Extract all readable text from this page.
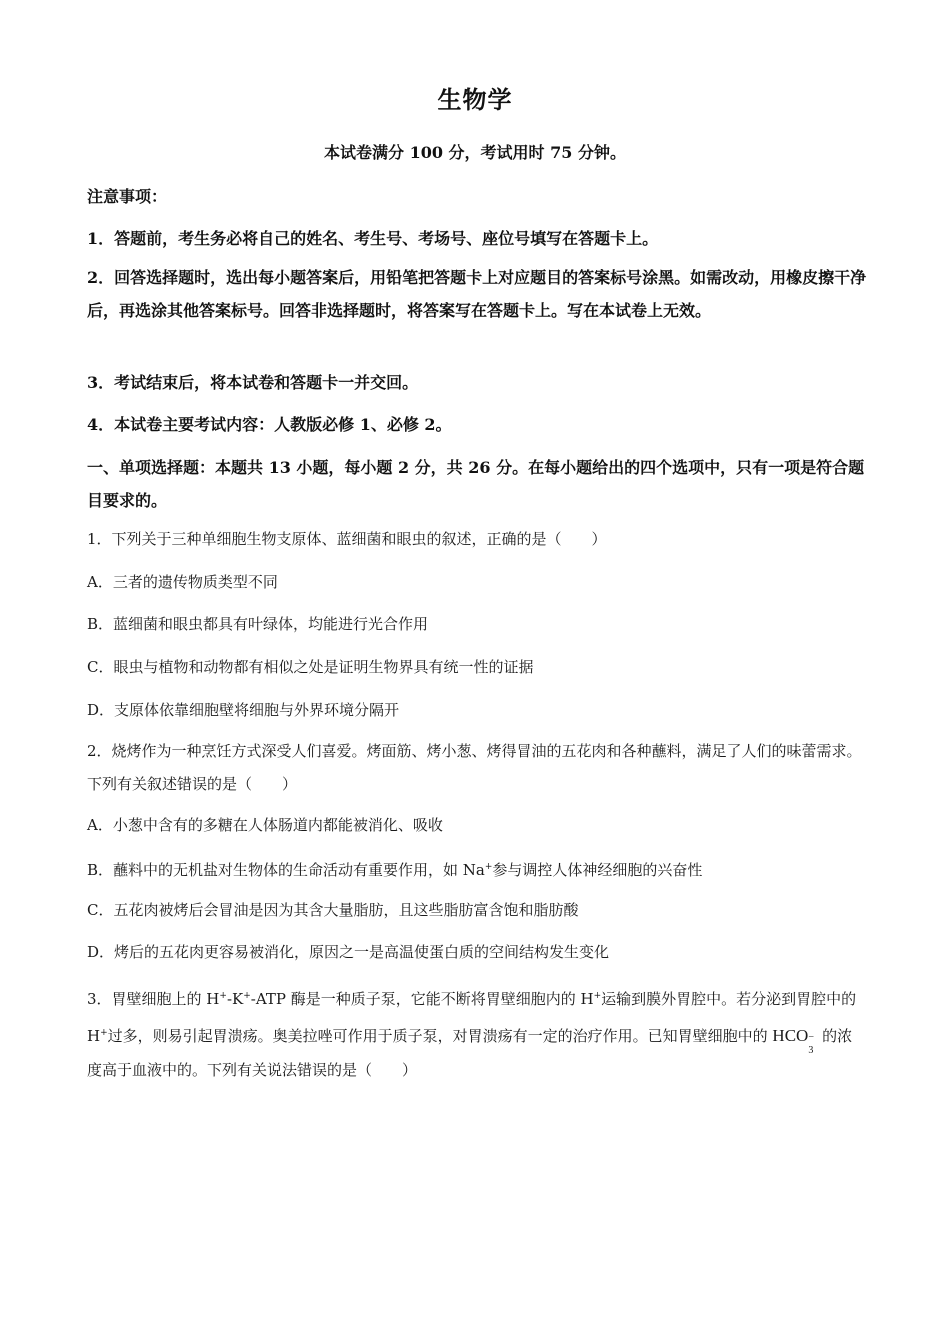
生物学
本试卷满分 100 分，考试用时 75 分钟。
注意事项：
1．答题前，考生务必将自己的姓名、考生号、考场号、座位号填写在答题卡上。
2．回答选择题时，选出每小题答案后，用铅笔把答题卡上对应题目的答案标号涂黑。如需改动，用橡皮擦干净后，再选涂其他答案标号。回答非选择题时，将答案写在答题卡上。写在本试卷上无效。
3．考试结束后，将本试卷和答题卡一并交回。
4．本试卷主要考试内容：人教版必修 1、必修 2。
一、单项选择题：本题共 13 小题，每小题 2 分，共 26 分。在每小题给出的四个选项中，只有一项是符合题目要求的。
1．下列关于三种单细胞生物支原体、蓝细菌和眼虫的叙述，正确的是（　　）
A．三者的遗传物质类型不同
B．蓝细菌和眼虫都具有叶绿体，均能进行光合作用
C．眼虫与植物和动物都有相似之处是证明生物界具有统一性的证据
D．支原体依靠细胞壁将细胞与外界环境分隔开
2．烧烤作为一种烹饪方式深受人们喜爱。烤面筋、烤小葱、烤得冒油的五花肉和各种蘸料，满足了人们的味蕾需求。下列有关叙述错误的是（　　）
A．小葱中含有的多糖在人体肠道内都能被消化、吸收
B．蘸料中的无机盐对生物体的生命活动有重要作用，如 Na+参与调控人体神经细胞的兴奋性
C．五花肉被烤后会冒油是因为其含大量脂肪，且这些脂肪富含饱和脂肪酸
D．烤后的五花肉更容易被消化，原因之一是高温使蛋白质的空间结构发生变化
3．胃壁细胞上的 H+-K+-ATP 酶是一种质子泵，它能不断将胃壁细胞内的 H+运输到膜外胃腔中。若分泌到胃腔中的 H+过多，则易引起胃溃疡。奥美拉唑可作用于质子泵，对胃溃疡有一定的治疗作用。已知胃壁细胞中的 HCO −
3
的浓度高于血液中的。下列有关说法错误的是（　　）
